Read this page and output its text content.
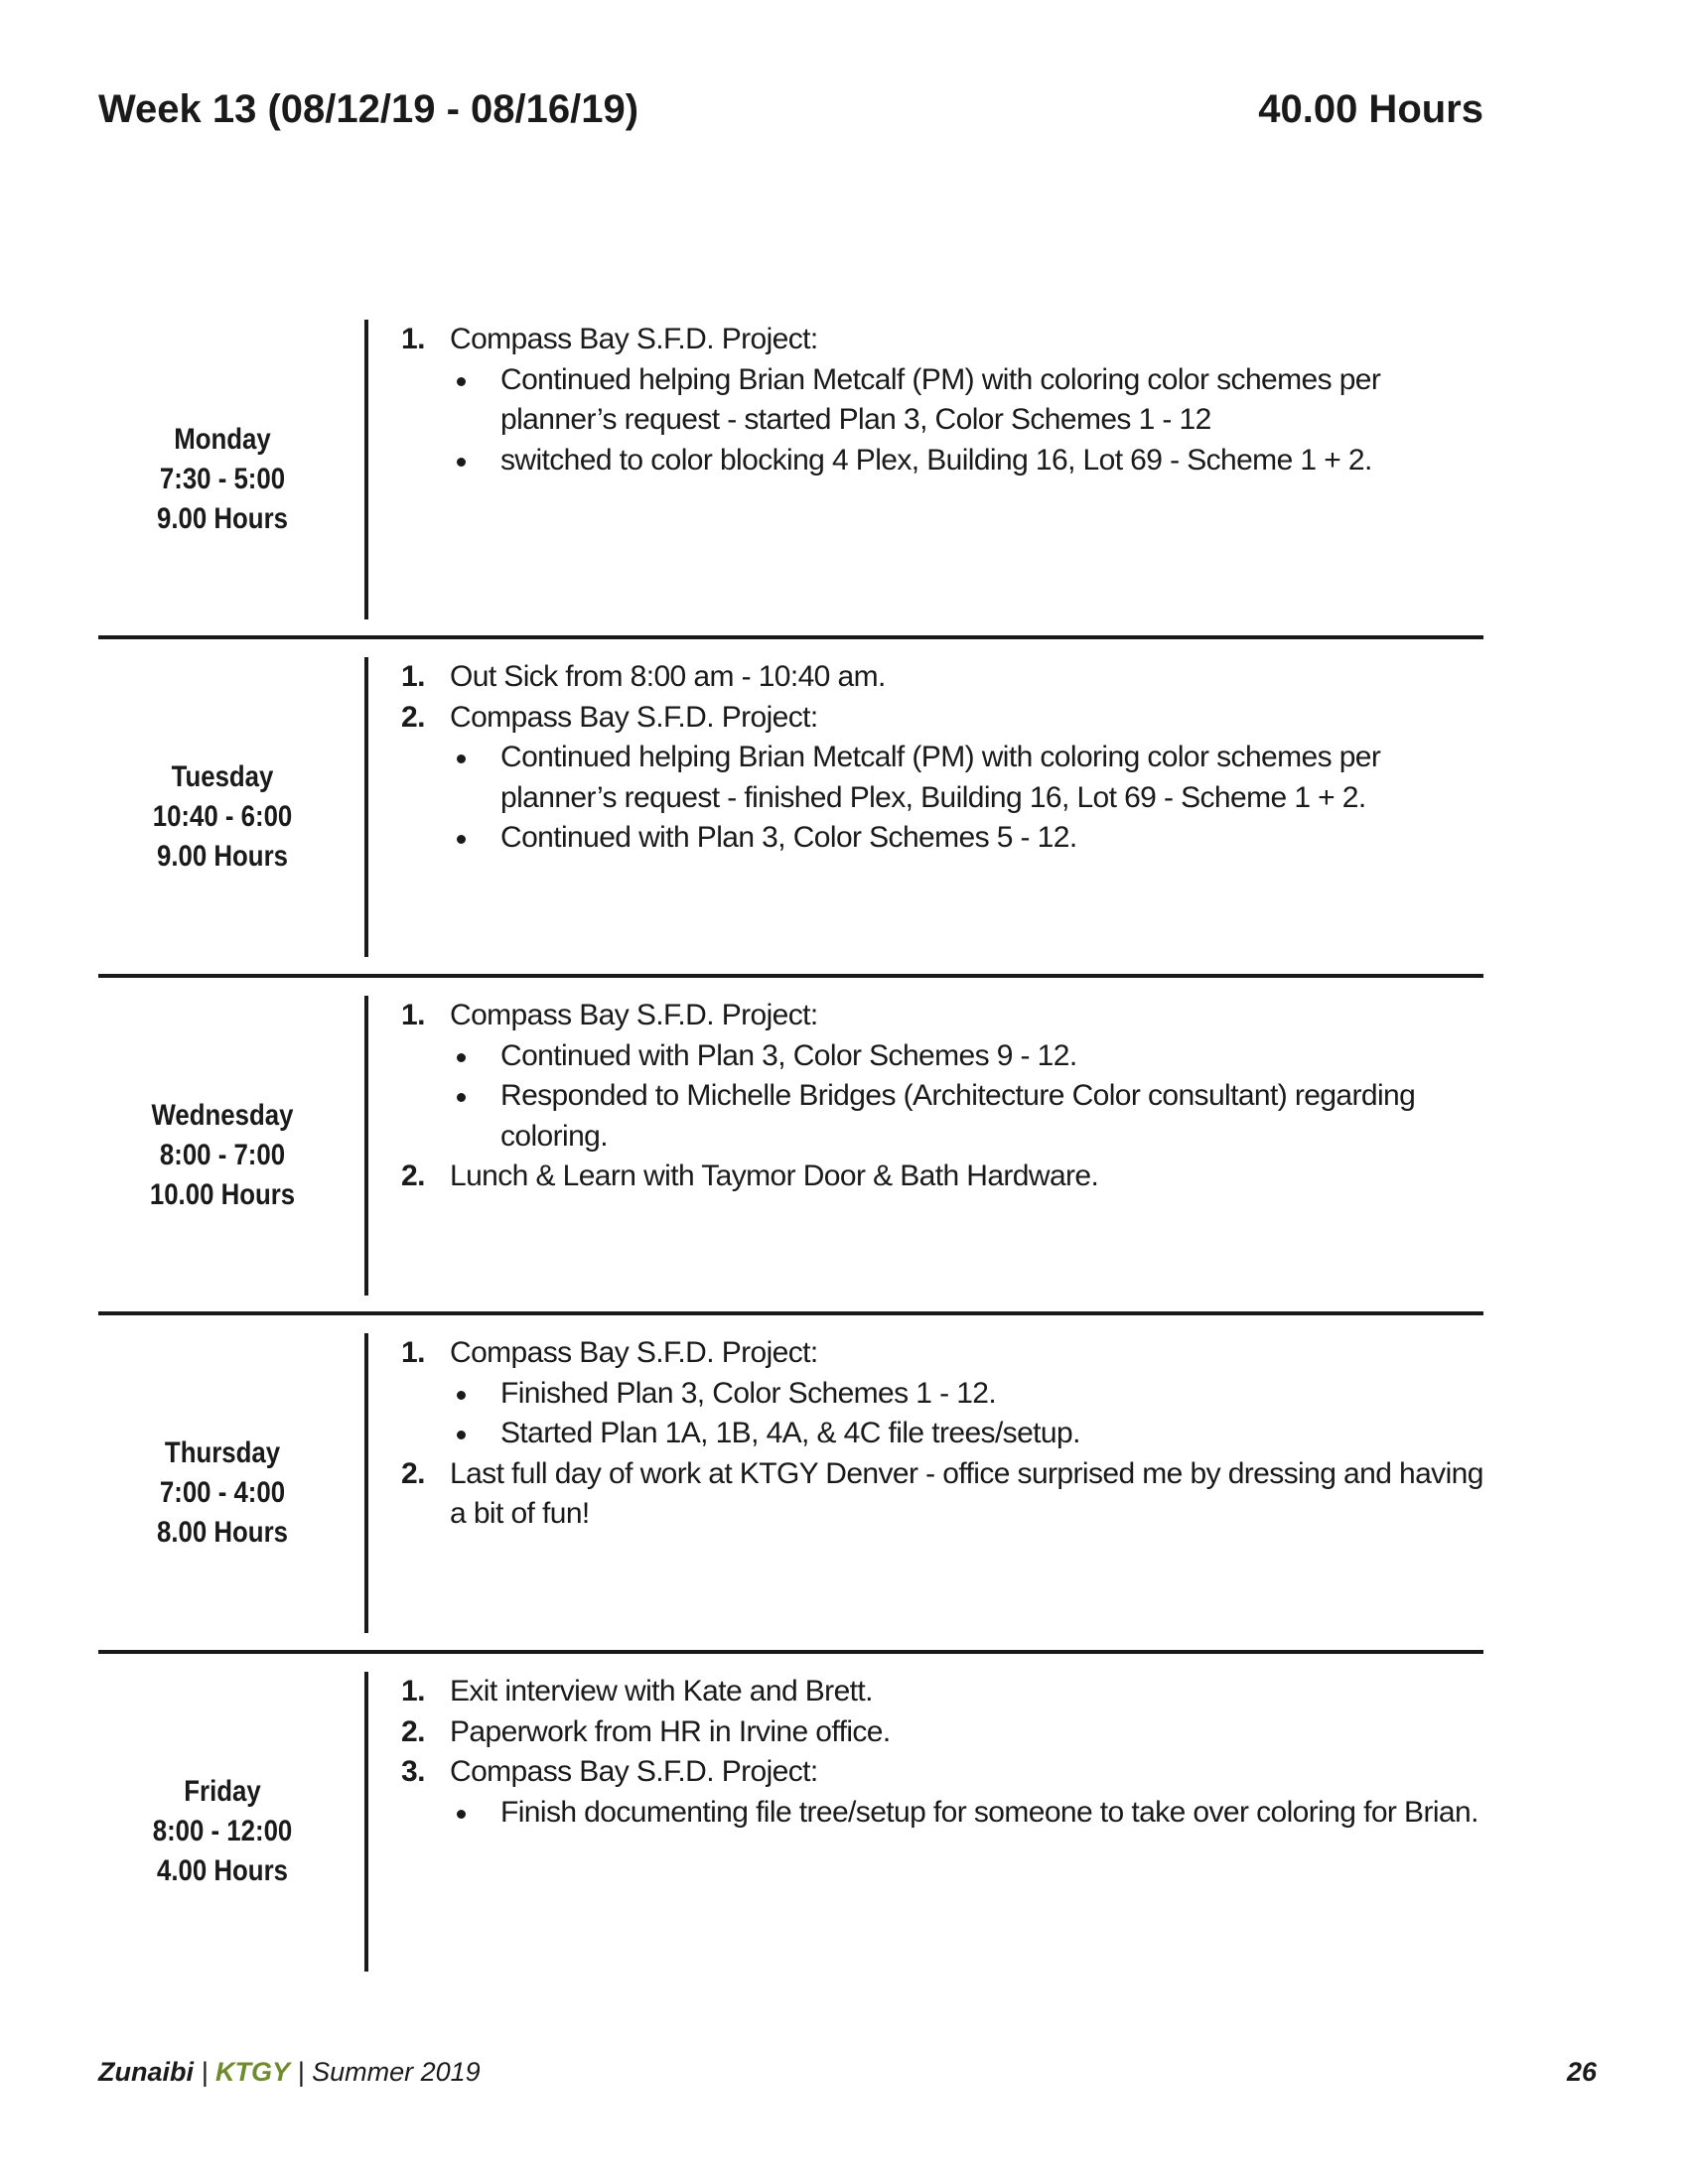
Week 13 (08/12/19 - 08/16/19)	40.00 Hours
Monday
7:30 - 5:00
9.00 Hours
1. Compass Bay S.F.D. Project:
Continued helping Brian Metcalf (PM) with coloring color schemes per planner’s request - started Plan 3, Color Schemes 1 - 12
switched to color blocking 4 Plex, Building 16, Lot 69 - Scheme 1 + 2.
Tuesday
10:40 - 6:00
9.00 Hours
1. Out Sick from 8:00 am - 10:40 am.
2. Compass Bay S.F.D. Project:
Continued helping Brian Metcalf (PM) with coloring color schemes per planner’s request - finished Plex, Building 16, Lot 69 - Scheme 1 + 2.
Continued with Plan 3, Color Schemes 5 - 12.
Wednesday
8:00 - 7:00
10.00 Hours
1. Compass Bay S.F.D. Project:
Continued with Plan 3, Color Schemes 9 - 12.
Responded to Michelle Bridges (Architecture Color consultant) regarding coloring.
2. Lunch & Learn with Taymor Door & Bath Hardware.
Thursday
7:00 - 4:00
8.00 Hours
1. Compass Bay S.F.D. Project:
Finished Plan 3, Color Schemes 1 - 12.
Started Plan 1A, 1B, 4A, & 4C file trees/setup.
2. Last full day of work at KTGY Denver - office surprised me by dressing and having a bit of fun!
Friday
8:00 - 12:00
4.00 Hours
1. Exit interview with Kate and Brett.
2. Paperwork from HR in Irvine office.
3. Compass Bay S.F.D. Project:
Finish documenting file tree/setup for someone to take over coloring for Brian.
Zunaibi | KTGY | Summer 2019	26
